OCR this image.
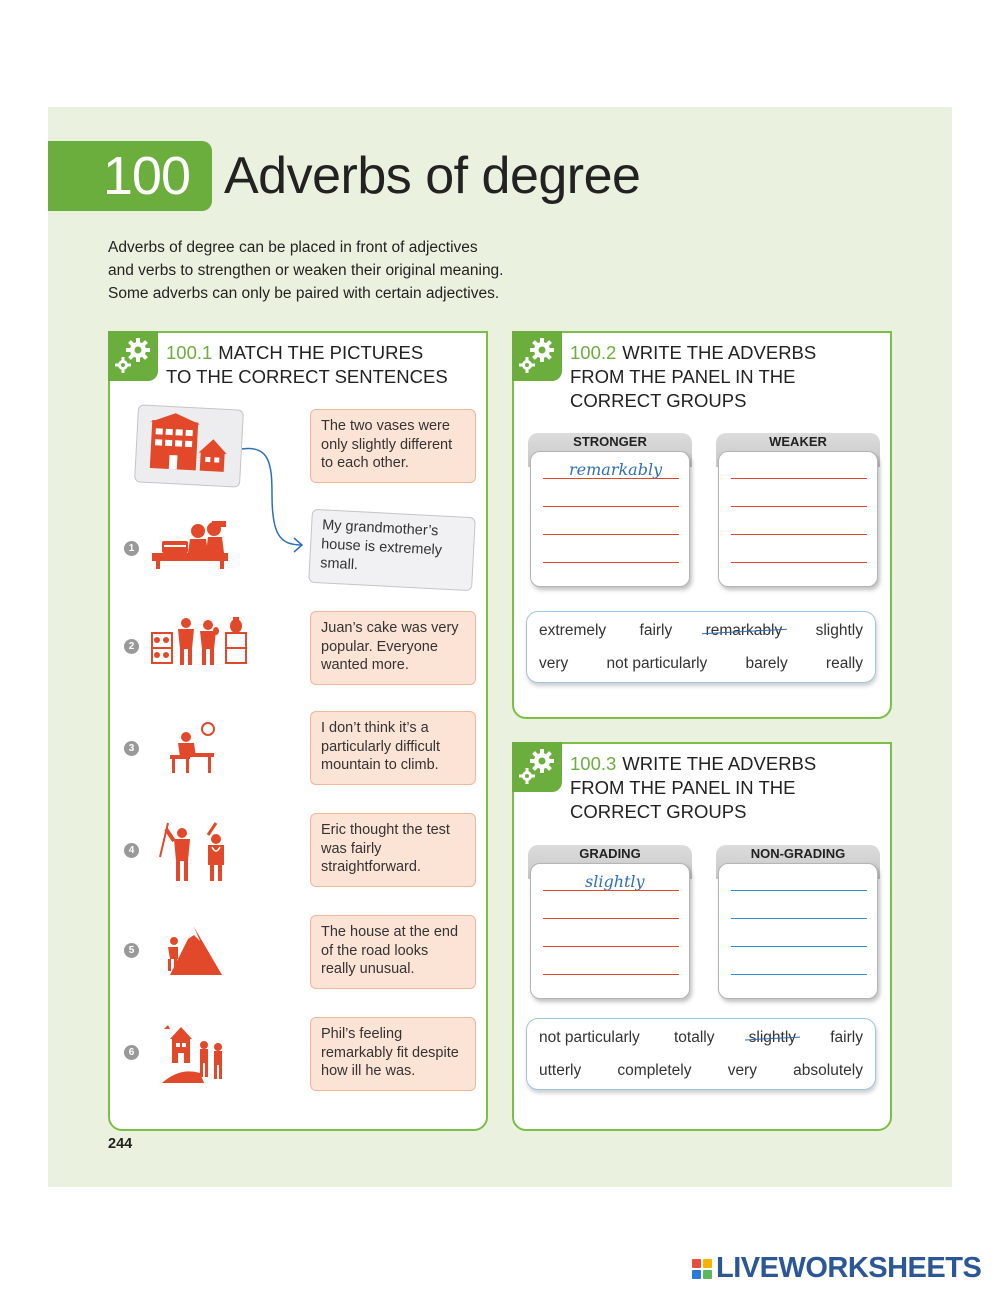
100 Adverbs of degree
Adverbs of degree can be placed in front of adjectives
and verbs to strengthen or weaken their original meaning.
Some adverbs can only be paired with certain adjectives.
100.1 MATCH THE PICTURES
TO THE CORRECT SENTENCES
The two vases were only slightly different to each other.
My grandmother’s house is extremely small.
1
Juan’s cake was very popular. Everyone wanted more.
2
I don’t think it’s a particularly difficult mountain to climb.
3
Eric thought the test was fairly straightforward.
4
The house at the end of the road looks really unusual.
5
Phil’s feeling remarkably fit despite how ill he was.
6
100.2 WRITE THE ADVERBS
FROM THE PANEL IN THE
CORRECT GROUPS
STRONGER
remarkably
WEAKER
extremely fairly remarkably slightly
very not particularly barely really
100.3 WRITE THE ADVERBS
FROM THE PANEL IN THE
CORRECT GROUPS
GRADING
slightly
NON-GRADING
not particularly totally slightly fairly
utterly completely very absolutely
244
LIVEWORKSHEETS
